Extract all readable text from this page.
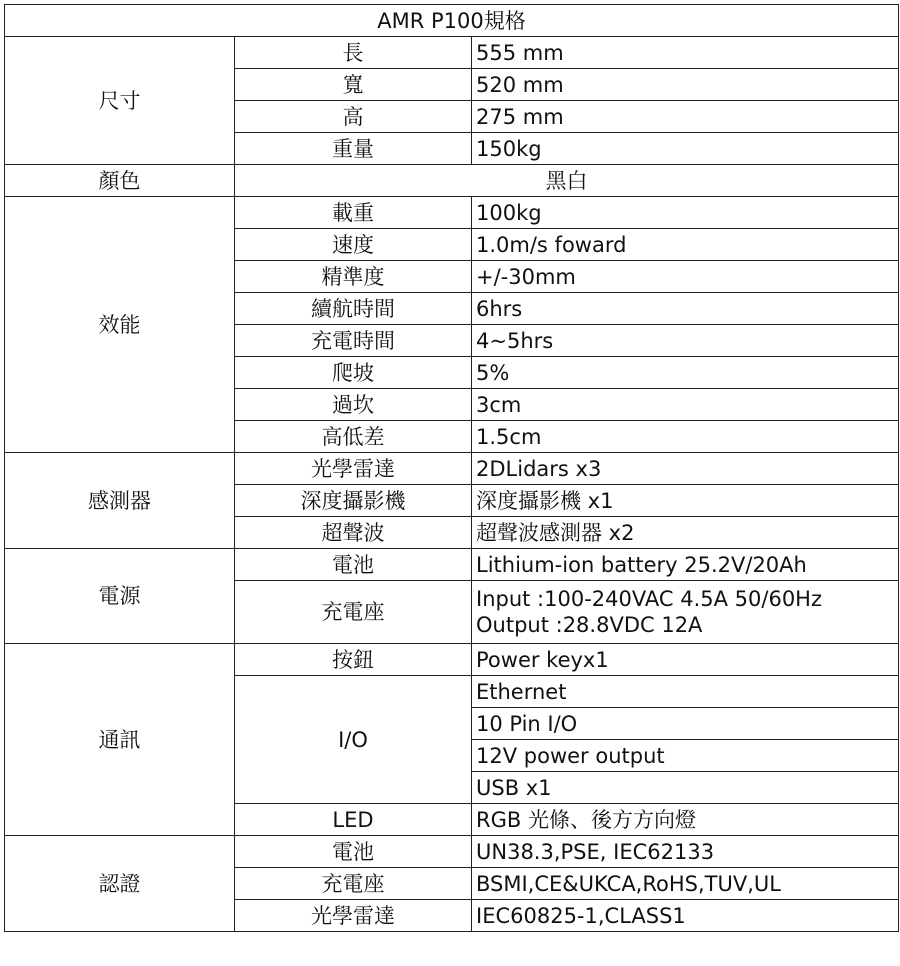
AMR P100規格		
尺寸	長	555 mm
	寬	520 mm
	高	275 mm
	重量	150kg
顏色	黑白	
效能	載重	100kg
	速度	1.0m/s foward
	精準度	+/-30mm
	續航時間	6hrs
	充電時間	4~5hrs
	爬坡	5%
	過坎	3cm
	高低差	1.5cm
感測器	光學雷達	2DLidars x3
	深度攝影機	深度攝影機 x1
	超聲波	超聲波感測器 x2
電源	電池	Lithium-ion battery 25.2V/20Ah
	充電座	Input :100-240VAC 4.5A 50/60Hz
Output :28.8VDC 12A

通訊	按鈕	Power keyx1
	I/O	Ethernet
		10 Pin I/O
		12V power output
		USB x1
	LED	RGB 光條、後方方向燈
認證	電池	UN38.3,PSE, IEC62133
	充電座	BSMI,CE&UKCA,RoHS,TUV,UL
	光學雷達	IEC60825-1,CLASS1
